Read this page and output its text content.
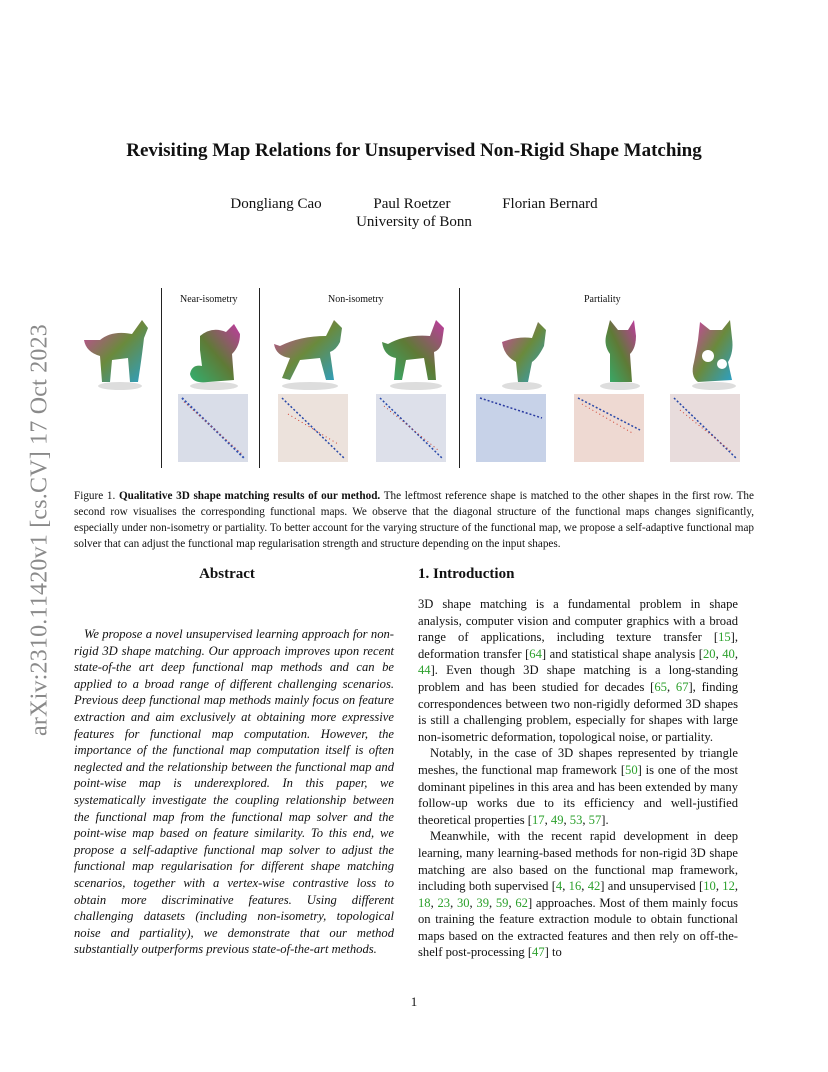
arXiv:2310.11420v1 [cs.CV] 17 Oct 2023
Revisiting Map Relations for Unsupervised Non-Rigid Shape Matching
Dongliang Cao	Paul Roetzer	Florian Bernard
University of Bonn
Near-isometry	Non-isometry	Partiality
Figure 1. Qualitative 3D shape matching results of our method. The leftmost reference shape is matched to the other shapes in the first row. The second row visualises the corresponding functional maps. We observe that the diagonal structure of the functional maps changes significantly, especially under non-isometry or partiality. To better account for the varying structure of the functional map, we propose a self-adaptive functional map solver that can adjust the functional map regularisation strength and structure depending on the input shapes.
Abstract

We propose a novel unsupervised learning approach for non-rigid 3D shape matching. Our approach improves upon recent state-of-the art deep functional map methods and can be applied to a broad range of different challenging scenarios. Previous deep functional map methods mainly focus on feature extraction and aim exclusively at obtaining more expressive features for functional map computation. However, the importance of the functional map computation itself is often neglected and the relationship between the functional map and point-wise map is underexplored. In this paper, we systematically investigate the coupling relationship between the functional map from the functional map solver and the point-wise map based on feature similarity. To this end, we propose a self-adaptive functional map solver to adjust the functional map regularisation for different shape matching scenarios, together with a vertex-wise contrastive loss to obtain more discriminative features. Using different challenging datasets (including non-isometry, topological noise and partiality), we demonstrate that our method substantially outperforms previous state-of-the-art methods.

1. Introduction

3D shape matching is a fundamental problem in shape analysis, computer vision and computer graphics with a broad range of applications, including texture transfer [15], deformation transfer [64] and statistical shape analysis [20, 40, 44]. Even though 3D shape matching is a long-standing problem and has been studied for decades [65, 67], finding correspondences between two non-rigidly deformed 3D shapes is still a challenging problem, especially for shapes with large non-isometric deformation, topological noise, or partiality.

Notably, in the case of 3D shapes represented by triangle meshes, the functional map framework [50] is one of the most dominant pipelines in this area and has been extended by many follow-up works due to its efficiency and well-justified theoretical properties [17, 49, 53, 57].

Meanwhile, with the recent rapid development in deep learning, many learning-based methods for non-rigid 3D shape matching are also based on the functional map framework, including both supervised [4, 16, 42] and unsupervised [10, 12, 18, 23, 30, 39, 59, 62] approaches. Most of them mainly focus on training the feature extraction module to obtain functional maps based on the extracted features and then rely on off-the-shelf post-processing [47] to

1
